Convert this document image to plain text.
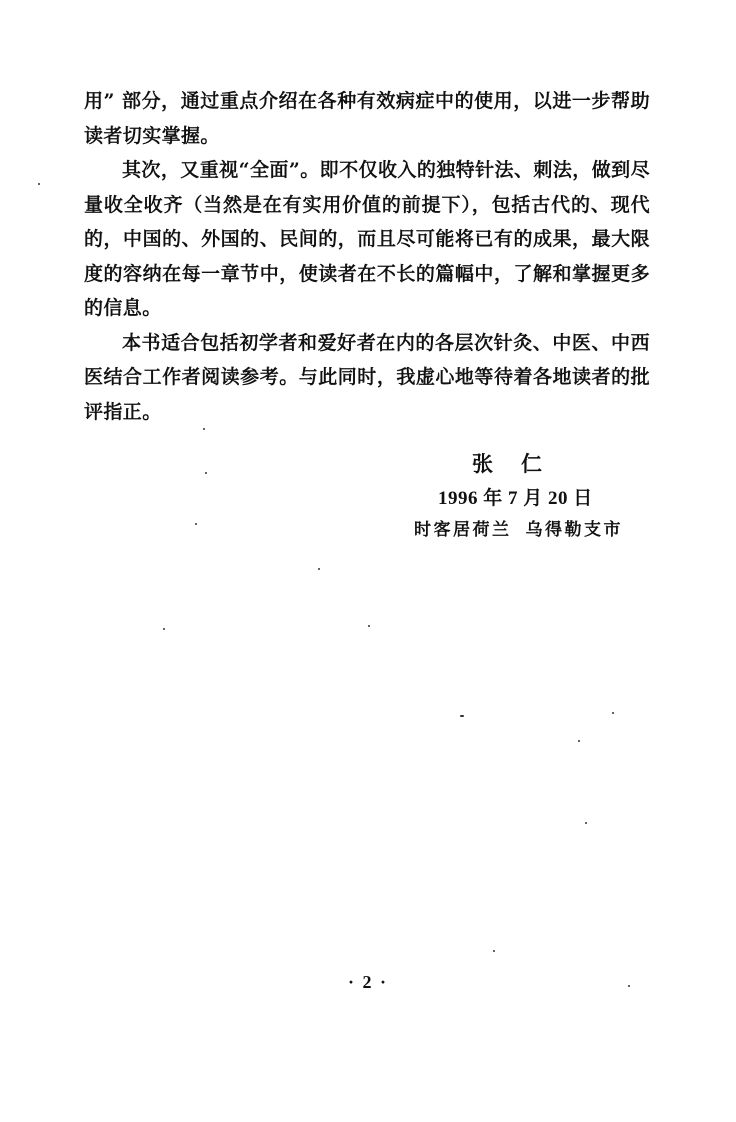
用” 部分，通过重点介绍在各种有效病症中的使用，以进一步帮助读者切实掌握。

其次，又重视“全面”。即不仅收入的独特针法、刺法，做到尽量收全收齐（当然是在有实用价值的前提下），包括古代的、现代的，中国的、外国的、民间的，而且尽可能将已有的成果，最大限度的容纳在每一章节中，使读者在不长的篇幅中，了解和掌握更多的信息。

本书适合包括初学者和爱好者在内的各层次针灸、中医、中西医结合工作者阅读参考。与此同时，我虚心地等待着各地读者的批评指正。

张 仁
1996 年 7 月 20 日
时客居荷兰 乌得勒支市
· 2 ·
